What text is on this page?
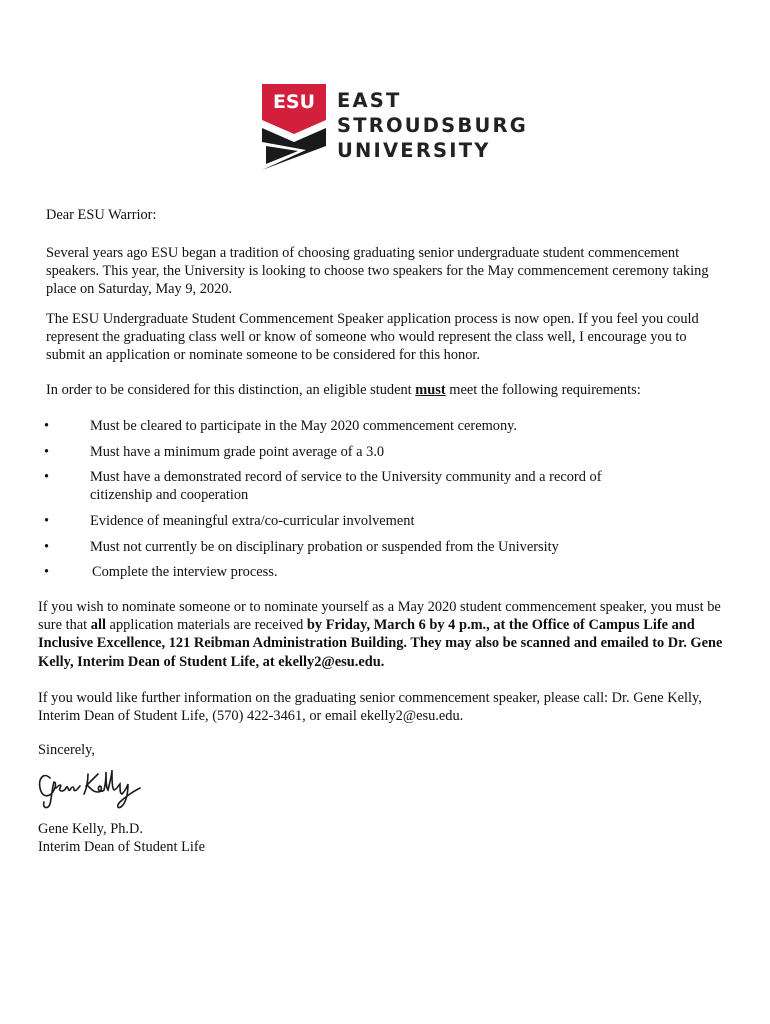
ESU EAST
STROUDSBURG
UNIVERSITY
Dear ESU Warrior:
Several years ago ESU began a tradition of choosing graduating senior undergraduate student commencement speakers. This year, the University is looking to choose two speakers for the May commencement ceremony taking place on Saturday, May 9, 2020.
The ESU Undergraduate Student Commencement Speaker application process is now open. If you feel you could represent the graduating class well or know of someone who would represent the class well, I encourage you to submit an application or nominate someone to be considered for this honor.
In order to be considered for this distinction, an eligible student must meet the following requirements:
•	Must be cleared to participate in the May 2020 commencement ceremony.
•	Must have a minimum grade point average of a 3.0
•	Must have a demonstrated record of service to the University community and a record of citizenship and cooperation
•	Evidence of meaningful extra/co-curricular involvement
•	Must not currently be on disciplinary probation or suspended from the University
•	Complete the interview process.
If you wish to nominate someone or to nominate yourself as a May 2020 student commencement speaker, you must be sure that all application materials are received by Friday, March 6 by 4 p.m., at the Office of Campus Life and Inclusive Excellence, 121 Reibman Administration Building. They may also be scanned and emailed to Dr. Gene Kelly, Interim Dean of Student Life, at ekelly2@esu.edu.
If you would like further information on the graduating senior commencement speaker, please call: Dr. Gene Kelly, Interim Dean of Student Life, (570) 422-3461, or email ekelly2@esu.edu.
Sincerely,
Gene Kelly, Ph.D.
Interim Dean of Student Life
